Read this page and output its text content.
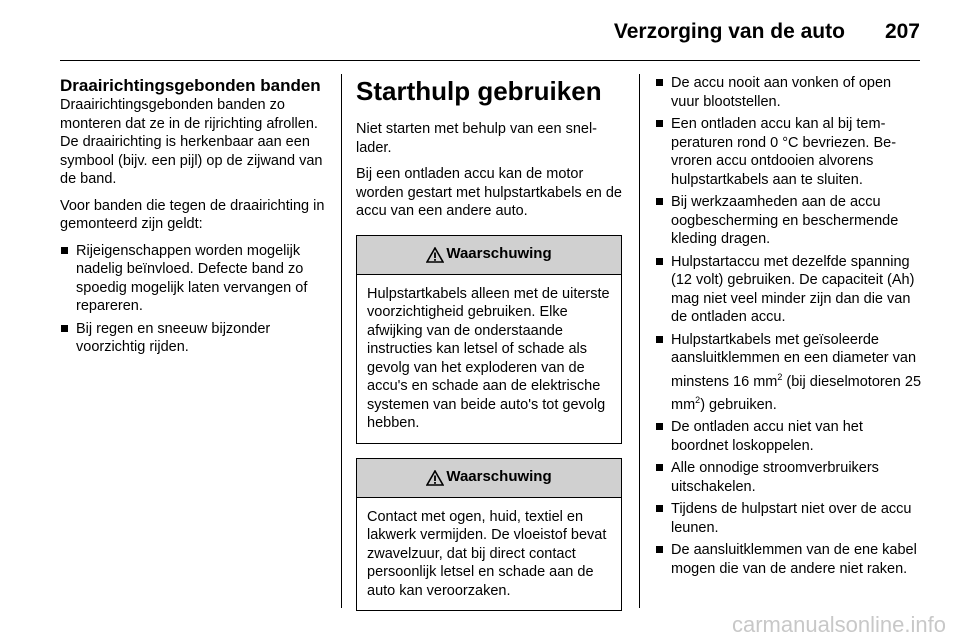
Verzorging van de auto 207
Draairichtingsgebonden banden

Draairichtingsgebonden banden zo monteren dat ze in de rijrichting afrollen. De draairichting is herkenbaar aan een symbool (bijv. een pijl) op de zijwand van de band.

Voor banden die tegen de draairichting in gemonteerd zijn geldt:

Rijeigenschappen worden mogelijk nadelig beïnvloed. Defecte band zo spoedig mogelijk laten vervangen of repareren.
Bij regen en sneeuw bijzonder voorzichtig rijden.
Starthulp gebruiken

Niet starten met behulp van een snellader.

Bij een ontladen accu kan de motor worden gestart met hulpstartkabels en de accu van een andere auto.

Waarschuwing
Hulpstartkabels alleen met de uiterste voorzichtigheid gebruiken. Elke afwijking van de onderstaande instructies kan letsel of schade als gevolg van het exploderen van de accu's en schade aan de elektrische systemen van beide auto's tot gevolg hebben.
Waarschuwing
Contact met ogen, huid, textiel en lakwerk vermijden. De vloeistof bevat zwavelzuur, dat bij direct contact persoonlijk letsel en schade aan de auto kan veroorzaken.
De accu nooit aan vonken of open vuur blootstellen.
Een ontladen accu kan al bij temperaturen rond 0 °C bevriezen. Bevroren accu ontdooien alvorens hulpstartkabels aan te sluiten.
Bij werkzaamheden aan de accu oogbescherming en beschermende kleding dragen.
Hulpstartaccu met dezelfde spanning (12 volt) gebruiken. De capaciteit (Ah) mag niet veel minder zijn dan die van de ontladen accu.
Hulpstartkabels met geïsoleerde aansluitklemmen en een diameter van minstens 16 $mm^2$ (bij dieselmotoren 25 $mm^2$) gebruiken.
De ontladen accu niet van het boordnet loskoppelen.
Alle onnodige stroomverbruikers uitschakelen.
Tijdens de hulpstart niet over de accu leunen.
De aansluitklemmen van de ene kabel mogen die van de andere niet raken.
carmanualsonline.info
